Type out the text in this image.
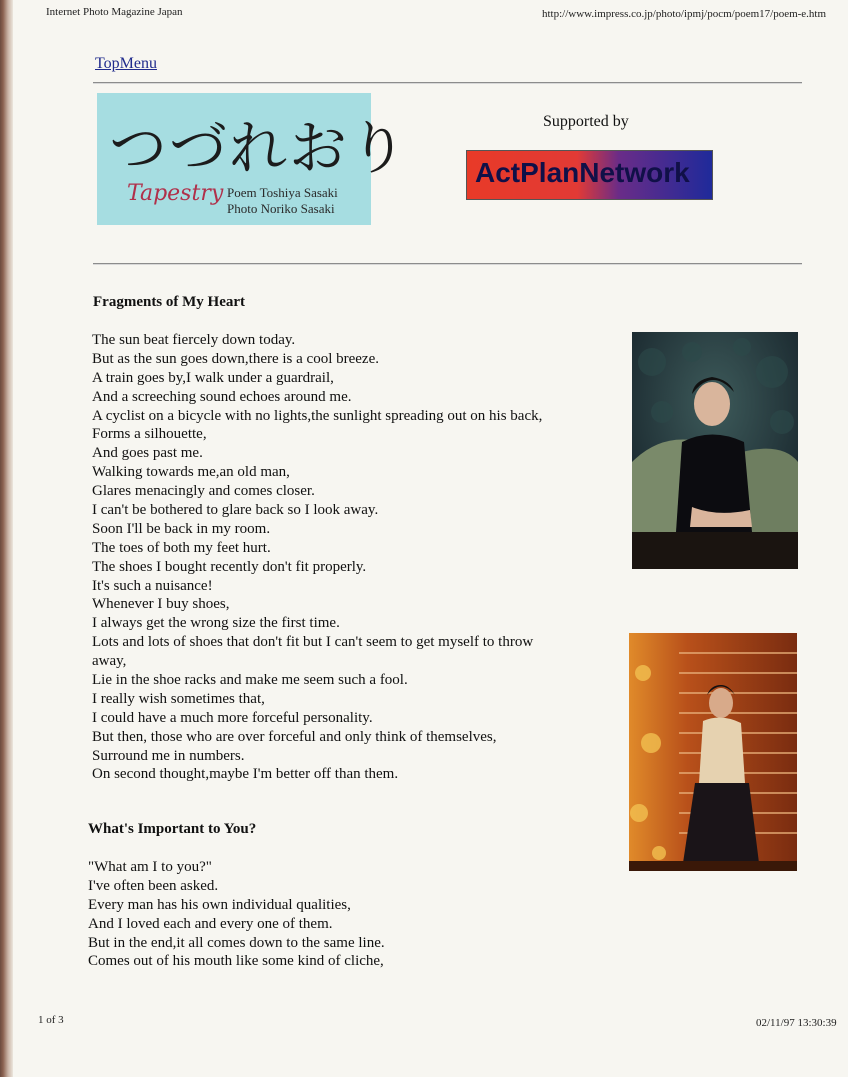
Internet Photo Magazine Japan	http://www.impress.co.jp/photo/ipmj/pocm/poem17/poem-e.htm
TopMenu
つづれおり
Tapestry Poem Toshiya Sasaki
Photo Noriko Sasaki
Supported by
ActPlanNetwork
Fragments of My Heart
The sun beat fiercely down today.
But as the sun goes down,there is a cool breeze.
A train goes by,I walk under a guardrail,
And a screeching sound echoes around me.
A cyclist on a bicycle with no lights,the sunlight spreading out on his back,
Forms a silhouette,
And goes past me.
Walking towards me,an old man,
Glares menacingly and comes closer.
I can't be bothered to glare back so I look away.
Soon I'll be back in my room.
The toes of both my feet hurt.
The shoes I bought recently don't fit properly.
It's such a nuisance!
Whenever I buy shoes,
I always get the wrong size the first time.
Lots and lots of shoes that don't fit but I can't seem to get myself to throw
away,
Lie in the shoe racks and make me seem such a fool.
I really wish sometimes that,
I could have a much more forceful personality.
But then, those who are over forceful and only think of themselves,
Surround me in numbers.
On second thought,maybe I'm better off than them.
What's Important to You?
"What am I to you?"
I've often been asked.
Every man has his own individual qualities,
And I loved each and every one of them.
But in the end,it all comes down to the same line.
Comes out of his mouth like some kind of cliche,
1 of 3	02/11/97 13:30:39
